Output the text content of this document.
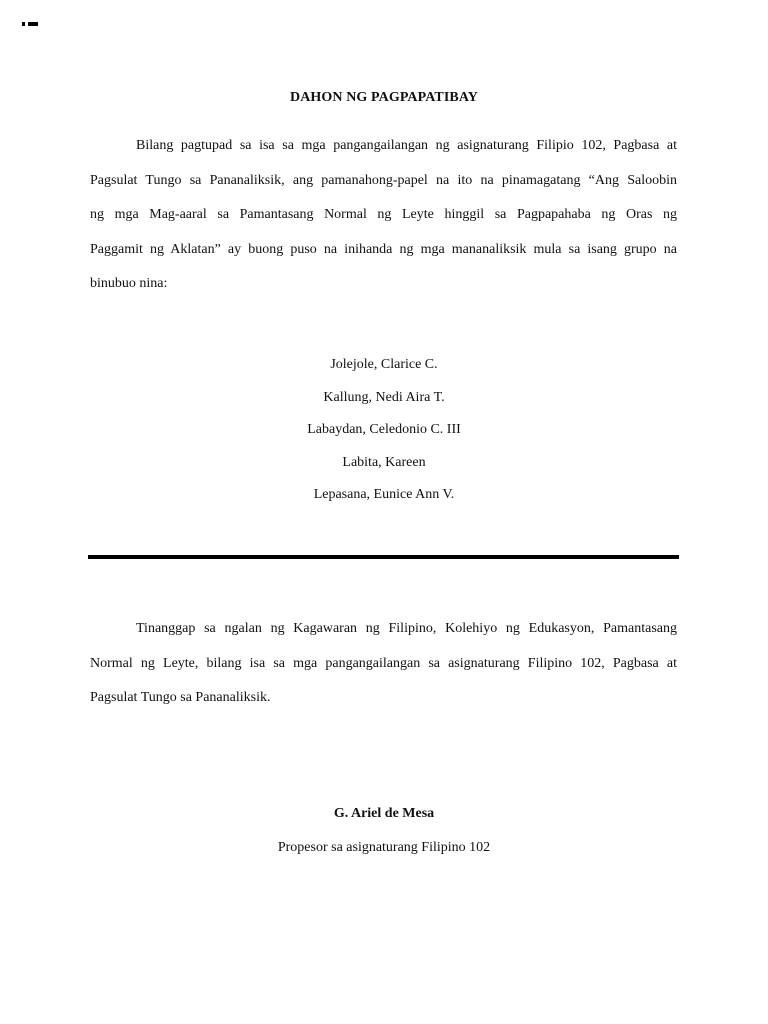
DAHON NG PAGPAPATIBAY
Bilang pagtupad sa isa sa mga pangangailangan ng asignaturang Filipio 102, Pagbasa at
Pagsulat Tungo sa Pananaliksik, ang pamanahong-papel na ito na pinamagatang “Ang Saloobin
ng mga Mag-aaral sa Pamantasang Normal ng Leyte hinggil sa Pagpapahaba ng Oras ng
Paggamit ng Aklatan” ay buong puso na inihanda ng mga mananaliksik mula sa isang grupo na
binubuo nina:
Jolejole, Clarice C.
Kallung, Nedi Aira T.
Labaydan, Celedonio C. III
Labita, Kareen
Lepasana, Eunice Ann V.
Tinanggap sa ngalan ng Kagawaran ng Filipino, Kolehiyo ng Edukasyon, Pamantasang
Normal ng Leyte, bilang isa sa mga pangangailangan sa asignaturang Filipino 102, Pagbasa at
Pagsulat Tungo sa Pananaliksik.
G. Ariel de Mesa
Propesor sa asignaturang Filipino 102
